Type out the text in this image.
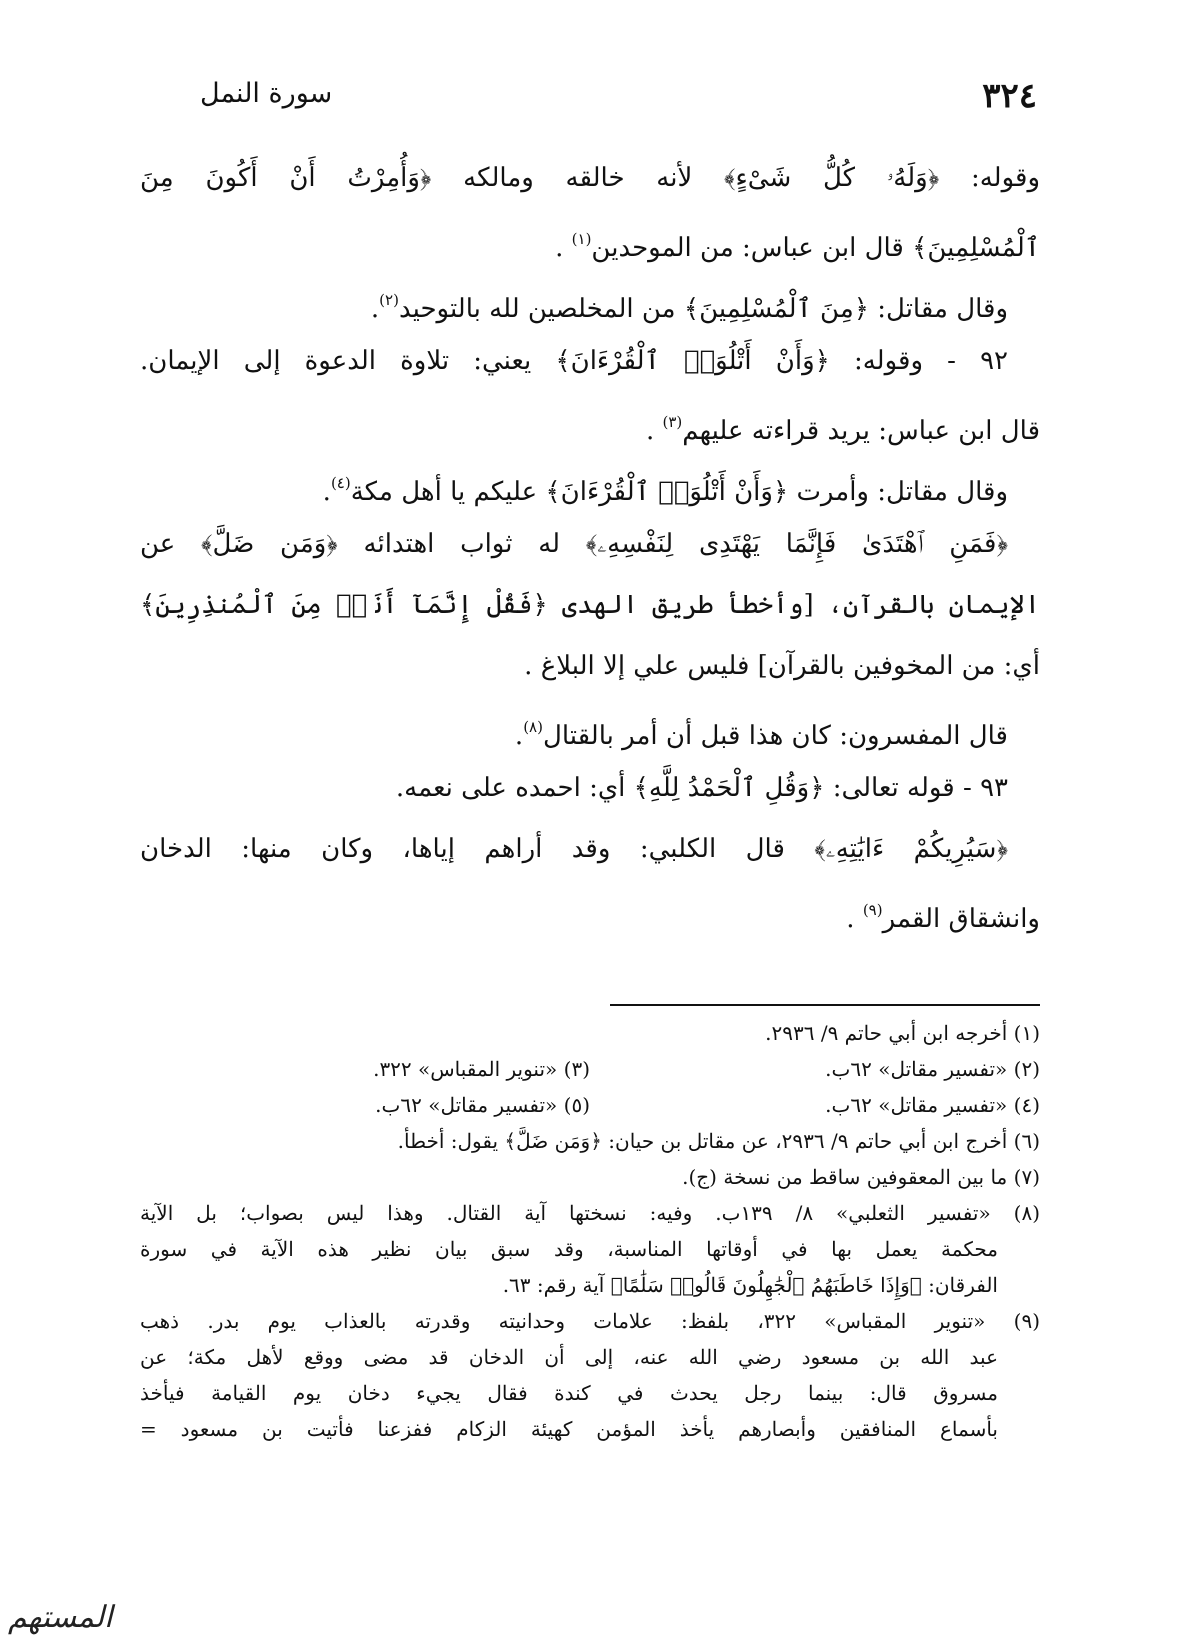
٣٢٤
سورة النمل
وقوله: ﴿وَلَهُۥ كُلُّ شَىْءٍ﴾ لأنه خالقه ومالكه ﴿وَأُمِرْتُ أَنْ أَكُونَ مِنَ
ٱلْمُسْلِمِينَ﴾ قال ابن عباس: من الموحدين$^{(١)}$ .
وقال مقاتل: ﴿مِنَ ٱلْمُسْلِمِينَ﴾ من المخلصين لله بالتوحيد$^{(٢)}$.
٩٢ - وقوله: ﴿وَأَنْ أَتْلُوَا۟ ٱلْقُرْءَانَ﴾ يعني: تلاوة الدعوة إلى الإيمان.
قال ابن عباس: يريد قراءته عليهم$^{(٣)}$ .
وقال مقاتل: وأمرت ﴿وَأَنْ أَتْلُوَا۟ ٱلْقُرْءَانَ﴾ عليكم يا أهل مكة$^{(٤)}$.
﴿فَمَنِ ٱهْتَدَىٰ فَإِنَّمَا يَهْتَدِى لِنَفْسِهِۦ﴾ له ثواب اهتدائه ﴿وَمَن ضَلَّ﴾ عن
الإيمان بالقرآن، [وأخطأ طريق الهدى ﴿فَقُلْ إِنَّمَآ أَنَا۠ مِنَ ٱلْمُنذِرِينَ﴾
أي: من المخوفين بالقرآن] فليس علي إلا البلاغ .
قال المفسرون: كان هذا قبل أن أمر بالقتال$^{(٨)}$.
٩٣ - قوله تعالى: ﴿وَقُلِ ٱلْحَمْدُ لِلَّهِ﴾ أي: احمده على نعمه.
﴿سَيُرِيكُمْ ءَايَٰتِهِۦ﴾ قال الكلبي: وقد أراهم إياها، وكان منها: الدخان
وانشقاق القمر$^{(٩)}$ .
(١) أخرجه ابن أبي حاتم ٩/ ٢٩٣٦.
(٢) «تفسير مقاتل» ٦٢ب.
(٣) «تنوير المقباس» ٣٢٢.
(٤) «تفسير مقاتل» ٦٢ب.
(٥) «تفسير مقاتل» ٦٢ب.
(٦) أخرج ابن أبي حاتم ٩/ ٢٩٣٦، عن مقاتل بن حيان: ﴿وَمَن ضَلَّ﴾ يقول: أخطأ.
(٧) ما بين المعقوفين ساقط من نسخة (ج).
(٨) «تفسير الثعلبي» ٨/ ١٣٩ب. وفيه: نسختها آية القتال. وهذا ليس بصواب؛ بل الآية
محكمة يعمل بها في أوقاتها المناسبة، وقد سبق بيان نظير هذه الآية في سورة
الفرقان: ﴿وَإِذَا خَاطَبَهُمُ ٱلْجَٰهِلُونَ قَالُوا۟ سَلَٰمًا﴾ آية رقم: ٦٣.
(٩) «تنوير المقباس» ٣٢٢، بلفظ: علامات وحدانيته وقدرته بالعذاب يوم بدر. ذهب
عبد الله بن مسعود رضي الله عنه، إلى أن الدخان قد مضى ووقع لأهل مكة؛ عن
مسروق قال: بينما رجل يحدث في كندة فقال يجيء دخان يوم القيامة فيأخذ
بأسماع المنافقين وأبصارهم يأخذ المؤمن كهيئة الزكام ففزعنا فأتيت بن مسعود =
المستهم
